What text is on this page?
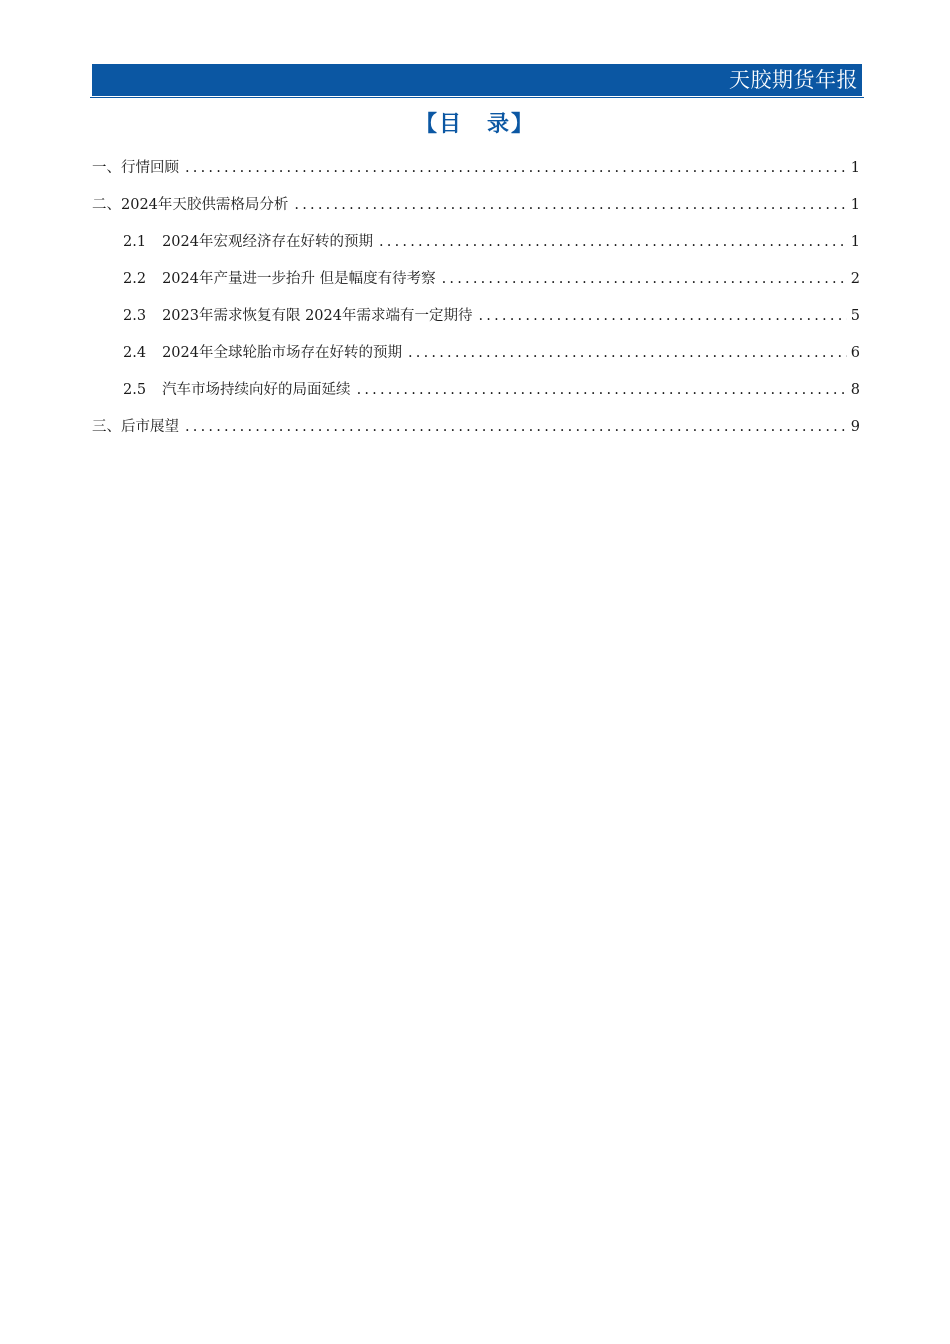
天胶期货年报
【目　录】
一、行情回顾 .....	1
二、2024年天胶供需格局分析 .....	1
2.1 2024年宏观经济存在好转的预期 .....	1
2.2 2024年产量进一步抬升 但是幅度有待考察 .....	2
2.3 2023年需求恢复有限 2024年需求端有一定期待 .....	5
2.4 2024年全球轮胎市场存在好转的预期 .....	6
2.5 汽车市场持续向好的局面延续 .....	8
三、后市展望 .....	9
